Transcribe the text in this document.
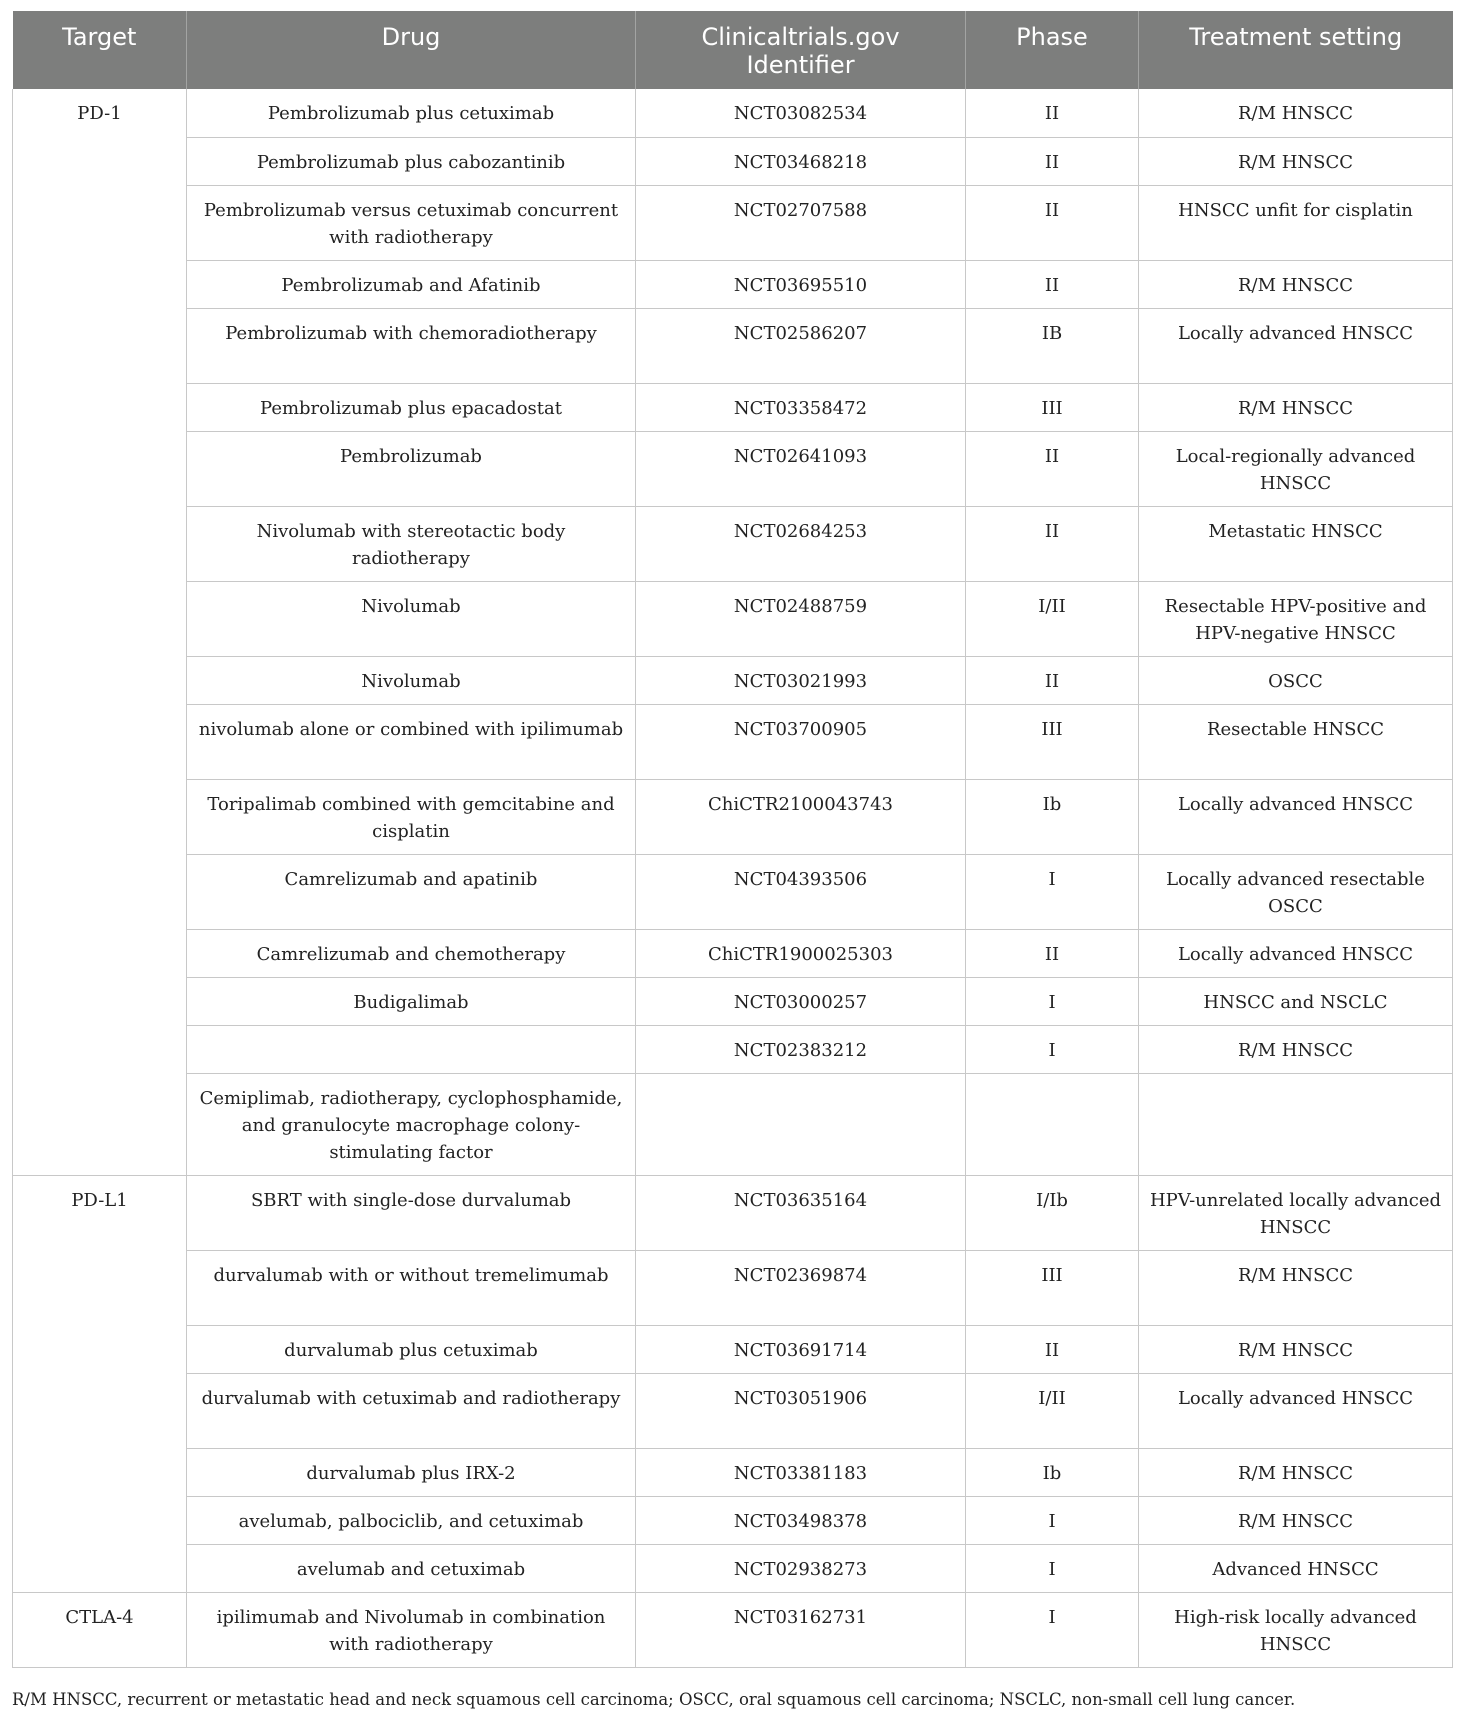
Target	Drug	Clinicaltrials.gov Identifier	Phase	Treatment setting
PD-1	Pembrolizumab plus cetuximab	NCT03082534	II	R/M HNSCC
	Pembrolizumab plus cabozantinib	NCT03468218	II	R/M HNSCC
	Pembrolizumab versus cetuximab concurrent with radiotherapy	NCT02707588	II	HNSCC unfit for cisplatin
	Pembrolizumab and Afatinib	NCT03695510	II	R/M HNSCC
	Pembrolizumab with chemoradiotherapy	NCT02586207	IB	Locally advanced HNSCC
	Pembrolizumab plus epacadostat	NCT03358472	III	R/M HNSCC
	Pembrolizumab	NCT02641093	II	Local-regionally advanced HNSCC
	Nivolumab with stereotactic body radiotherapy	NCT02684253	II	Metastatic HNSCC
	Nivolumab	NCT02488759	I/II	Resectable HPV-positive and HPV-negative HNSCC
	Nivolumab	NCT03021993	II	OSCC
	nivolumab alone or combined with ipilimumab	NCT03700905	III	Resectable HNSCC
	Toripalimab combined with gemcitabine and cisplatin	ChiCTR2100043743	Ib	Locally advanced HNSCC
	Camrelizumab and apatinib	NCT04393506	I	Locally advanced resectable OSCC
	Camrelizumab and chemotherapy	ChiCTR1900025303	II	Locally advanced HNSCC
	Budigalimab	NCT03000257	I	HNSCC and NSCLC
		NCT02383212	I	R/M HNSCC
	Cemiplimab, radiotherapy, cyclophosphamide, and granulocyte macrophage colony-stimulating factor			
PD-L1	SBRT with single-dose durvalumab	NCT03635164	I/Ib	HPV-unrelated locally advanced HNSCC
	durvalumab with or without tremelimumab	NCT02369874	III	R/M HNSCC
	durvalumab plus cetuximab	NCT03691714	II	R/M HNSCC
	durvalumab with cetuximab and radiotherapy	NCT03051906	I/II	Locally advanced HNSCC
	durvalumab plus IRX-2	NCT03381183	Ib	R/M HNSCC
	avelumab, palbociclib, and cetuximab	NCT03498378	I	R/M HNSCC
	avelumab and cetuximab	NCT02938273	I	Advanced HNSCC
CTLA-4	ipilimumab and Nivolumab in combination with radiotherapy	NCT03162731	I	High-risk locally advanced HNSCC
R/M HNSCC, recurrent or metastatic head and neck squamous cell carcinoma; OSCC, oral squamous cell carcinoma; NSCLC, non-small cell lung cancer.
